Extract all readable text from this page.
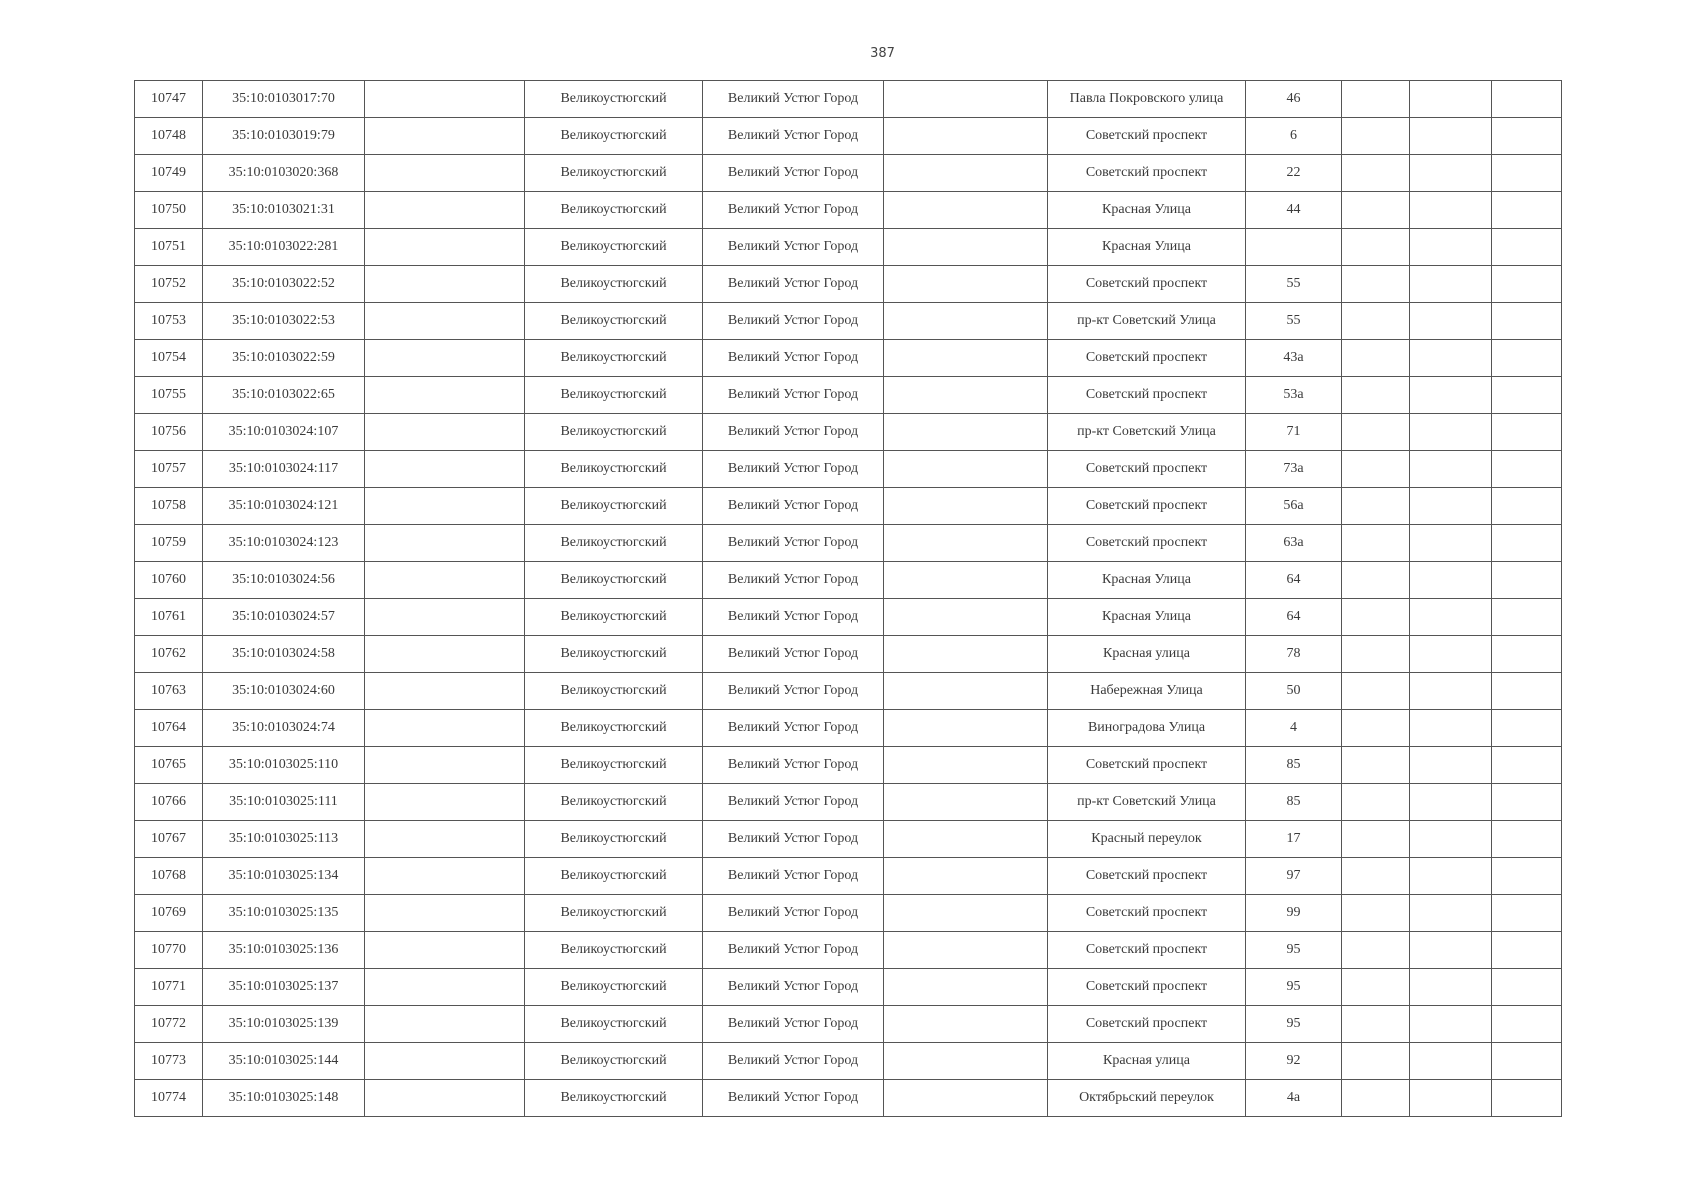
387
10747	35:10:0103017:70		Великоустюгский	Великий Устюг Город		Павла Покровского улица	46			
10748	35:10:0103019:79		Великоустюгский	Великий Устюг Город		Советский проспект	6			
10749	35:10:0103020:368		Великоустюгский	Великий Устюг Город		Советский проспект	22			
10750	35:10:0103021:31		Великоустюгский	Великий Устюг Город		Красная Улица	44			
10751	35:10:0103022:281		Великоустюгский	Великий Устюг Город		Красная Улица				
10752	35:10:0103022:52		Великоустюгский	Великий Устюг Город		Советский проспект	55			
10753	35:10:0103022:53		Великоустюгский	Великий Устюг Город		пр-кт Советский Улица	55			
10754	35:10:0103022:59		Великоустюгский	Великий Устюг Город		Советский проспект	43а			
10755	35:10:0103022:65		Великоустюгский	Великий Устюг Город		Советский проспект	53а			
10756	35:10:0103024:107		Великоустюгский	Великий Устюг Город		пр-кт Советский Улица	71			
10757	35:10:0103024:117		Великоустюгский	Великий Устюг Город		Советский проспект	73а			
10758	35:10:0103024:121		Великоустюгский	Великий Устюг Город		Советский проспект	56а			
10759	35:10:0103024:123		Великоустюгский	Великий Устюг Город		Советский проспект	63а			
10760	35:10:0103024:56		Великоустюгский	Великий Устюг Город		Красная Улица	64			
10761	35:10:0103024:57		Великоустюгский	Великий Устюг Город		Красная Улица	64			
10762	35:10:0103024:58		Великоустюгский	Великий Устюг Город		Красная улица	78			
10763	35:10:0103024:60		Великоустюгский	Великий Устюг Город		Набережная Улица	50			
10764	35:10:0103024:74		Великоустюгский	Великий Устюг Город		Виноградова Улица	4			
10765	35:10:0103025:110		Великоустюгский	Великий Устюг Город		Советский проспект	85			
10766	35:10:0103025:111		Великоустюгский	Великий Устюг Город		пр-кт Советский Улица	85			
10767	35:10:0103025:113		Великоустюгский	Великий Устюг Город		Красный переулок	17			
10768	35:10:0103025:134		Великоустюгский	Великий Устюг Город		Советский проспект	97			
10769	35:10:0103025:135		Великоустюгский	Великий Устюг Город		Советский проспект	99			
10770	35:10:0103025:136		Великоустюгский	Великий Устюг Город		Советский проспект	95			
10771	35:10:0103025:137		Великоустюгский	Великий Устюг Город		Советский проспект	95			
10772	35:10:0103025:139		Великоустюгский	Великий Устюг Город		Советский проспект	95			
10773	35:10:0103025:144		Великоустюгский	Великий Устюг Город		Красная улица	92			
10774	35:10:0103025:148		Великоустюгский	Великий Устюг Город		Октябрьский переулок	4а			
